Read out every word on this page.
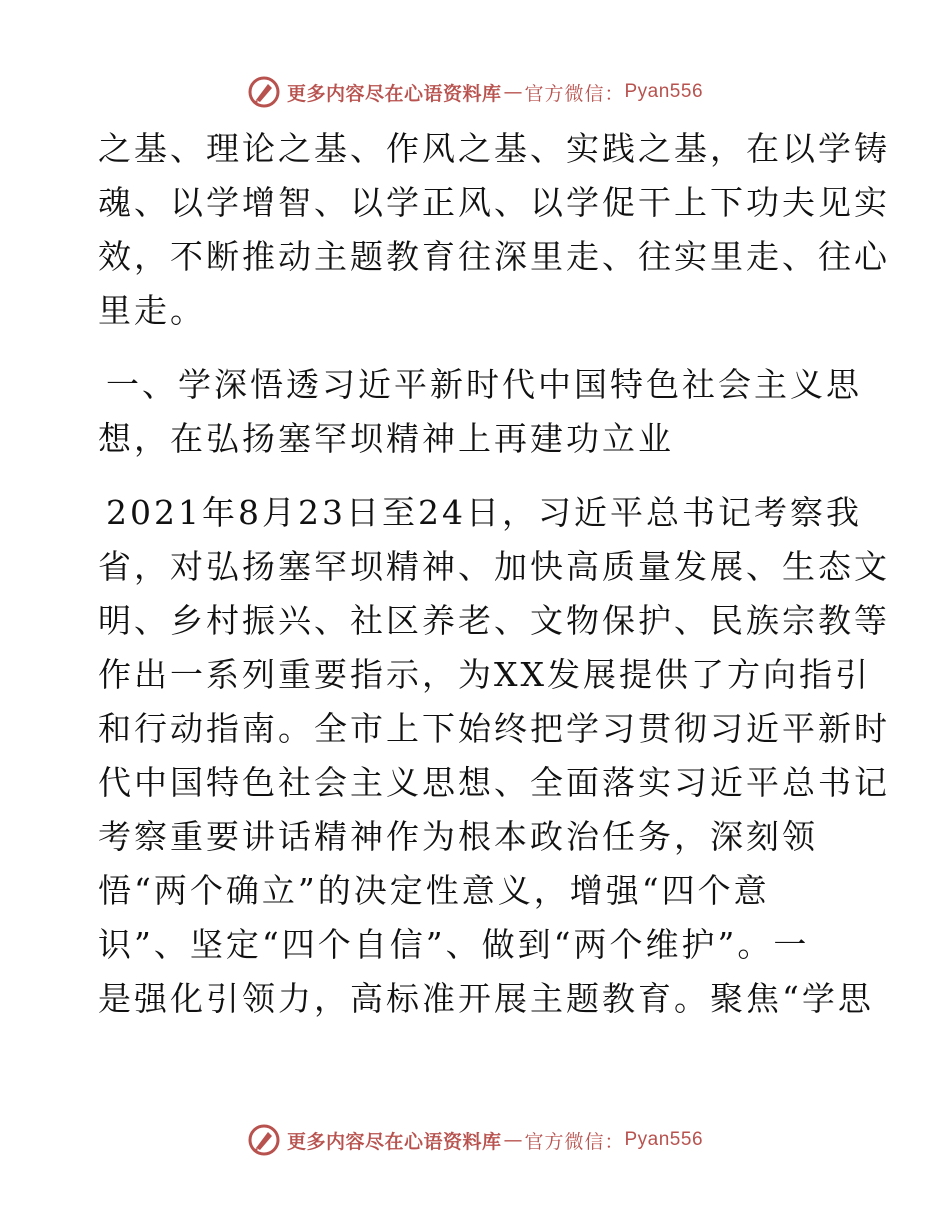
更多内容尽在心语资料库 — 官方微信： Pyan556
之基、理论之基、作风之基、实践之基，在以学铸
魂、以学增智、以学正风、以学促干上下功夫见实
效，不断推动主题教育往深里走、往实里走、往心
里走。
一、学深悟透习近平新时代中国特色社会主义思
想，在弘扬塞罕坝精神上再建功立业
2021年8月23日至24日，习近平总书记考察我
省，对弘扬塞罕坝精神、加快高质量发展、生态文
明、乡村振兴、社区养老、文物保护、民族宗教等
作出一系列重要指示，为XX发展提供了方向指引
和行动指南。全市上下始终把学习贯彻习近平新时
代中国特色社会主义思想、全面落实习近平总书记
考察重要讲话精神作为根本政治任务，深刻领
悟“两个确立”的决定性意义，增强“四个意
识”、坚定“四个自信”、做到“两个维护”。一
是强化引领力，高标准开展主题教育。聚焦“学思
更多内容尽在心语资料库 — 官方微信： Pyan556
